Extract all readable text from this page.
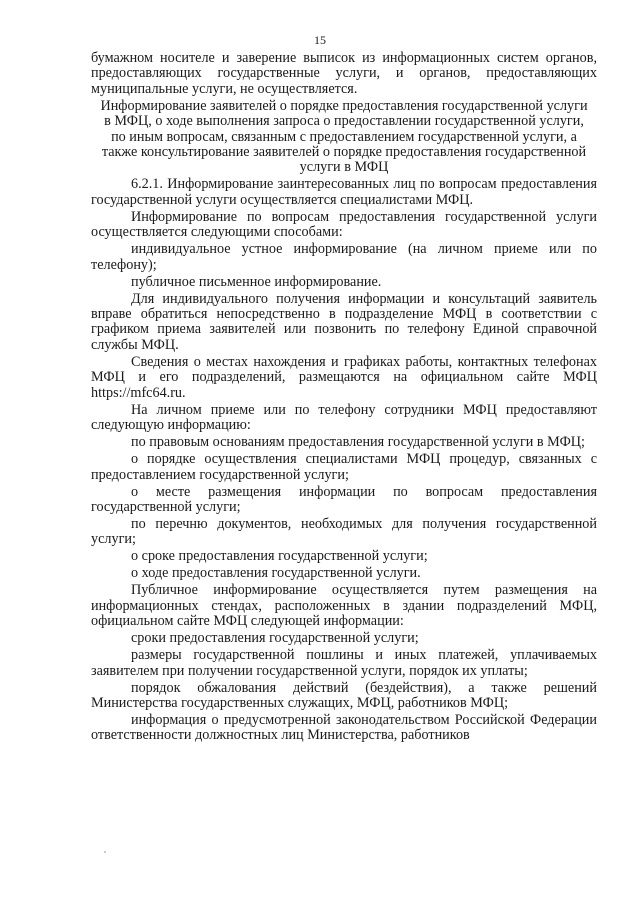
15
бумажном носителе и заверение выписок из информационных систем органов, предоставляющих государственные услуги, и органов, предоставляющих муниципальные услуги, не осуществляется.
Информирование заявителей о порядке предоставления государственной услуги в МФЦ, о ходе выполнения запроса о предоставлении государственной услуги, по иным вопросам, связанным с предоставлением государственной услуги, а также консультирование заявителей о порядке предоставления государственной услуги в МФЦ
6.2.1. Информирование заинтересованных лиц по вопросам предоставления государственной услуги осуществляется специалистами МФЦ.
Информирование по вопросам предоставления государственной услуги осуществляется следующими способами:
индивидуальное устное информирование (на личном приеме или по телефону);
публичное письменное информирование.
Для индивидуального получения информации и консультаций заявитель вправе обратиться непосредственно в подразделение МФЦ в соответствии с графиком приема заявителей или позвонить по телефону Единой справочной службы МФЦ.
Сведения о местах нахождения и графиках работы, контактных телефонах МФЦ и его подразделений, размещаются на официальном сайте МФЦ https://mfc64.ru.
На личном приеме или по телефону сотрудники МФЦ предоставляют следующую информацию:
по правовым основаниям предоставления государственной услуги в МФЦ;
о порядке осуществления специалистами МФЦ процедур, связанных с предоставлением государственной услуги;
о месте размещения информации по вопросам предоставления государственной услуги;
по перечню документов, необходимых для получения государственной услуги;
о сроке предоставления государственной услуги;
о ходе предоставления государственной услуги.
Публичное информирование осуществляется путем размещения на информационных стендах, расположенных в здании подразделений МФЦ, официальном сайте МФЦ следующей информации:
сроки предоставления государственной услуги;
размеры государственной пошлины и иных платежей, уплачиваемых заявителем при получении государственной услуги, порядок их уплаты;
порядок обжалования действий (бездействия), а также решений Министерства государственных служащих, МФЦ, работников МФЦ;
информация о предусмотренной законодательством Российской Федерации ответственности должностных лиц Министерства, работников
